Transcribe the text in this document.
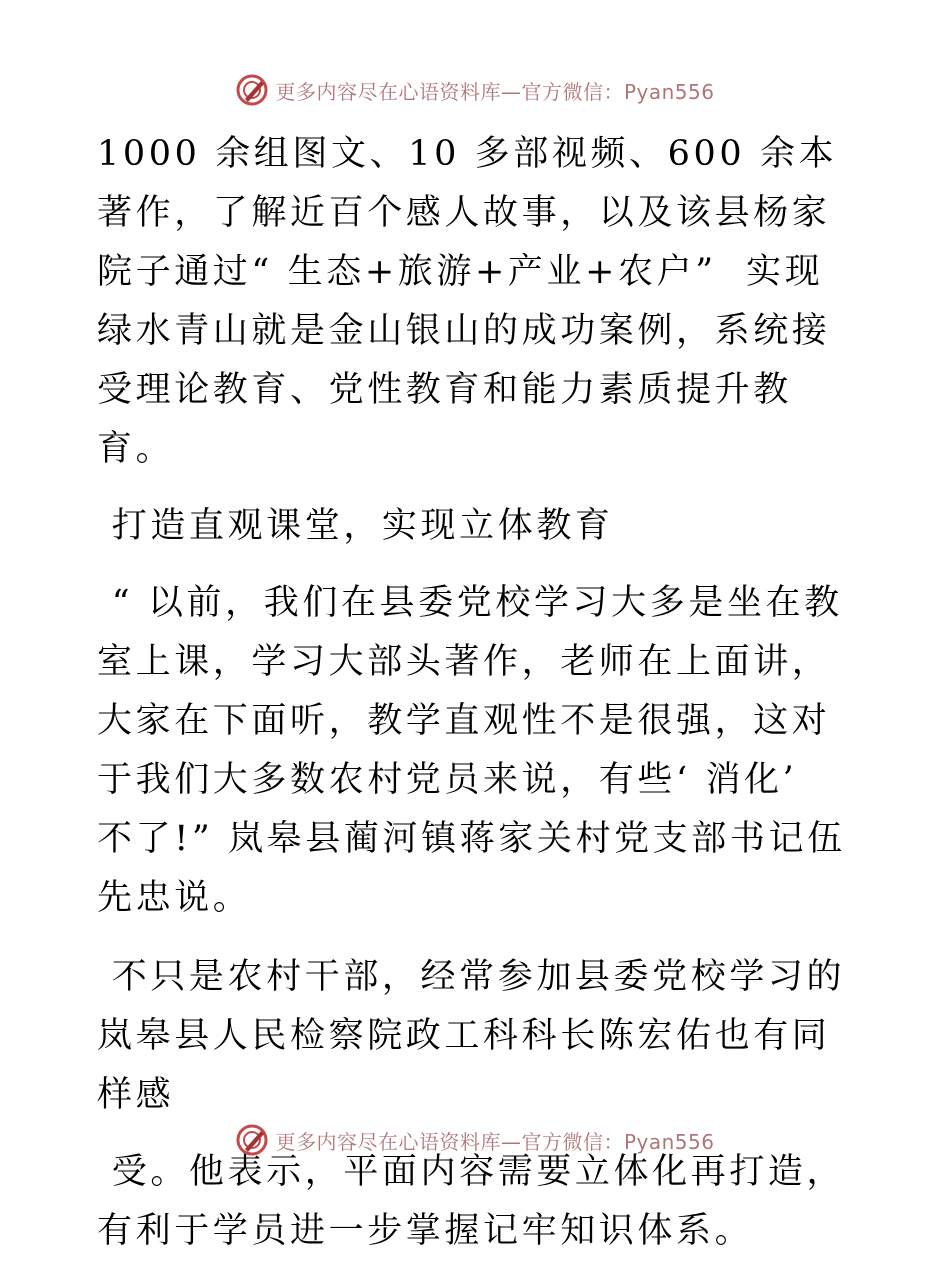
更多内容尽在心语资料库—官方微信：Pyan556

1000 余组图文、10 多部视频、600 余本著作，了解近百个感人故事，以及该县杨家院子通过“ 生态+旅游+产业+农户”  实现绿水青山就是金山银山的成功案例，系统接受理论教育、党性教育和能力素质提升教育。

打造直观课堂，实现立体教育

“ 以前，我们在县委党校学习大多是坐在教室上课，学习大部头著作，老师在上面讲，大家在下面听，教学直观性不是很强，这对于我们大多数农村党员来说，有些‘ 消化’  不了!” 岚皋县蔺河镇蒋家关村党支部书记伍先忠说。

不只是农村干部，经常参加县委党校学习的岚皋县人民检察院政工科科长陈宏佑也有同样感

受。他表示，平面内容需要立体化再打造，有利于学员进一步掌握记牢知识体系。

更多内容尽在心语资料库—官方微信：Pyan556
